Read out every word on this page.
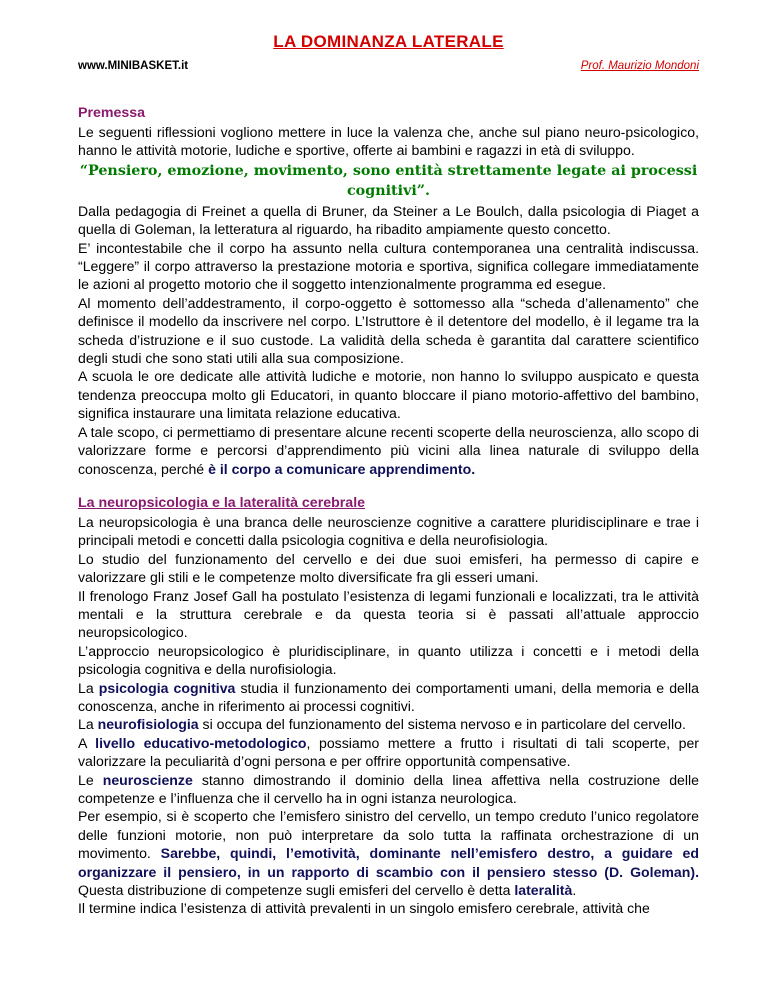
LA DOMINANZA LATERALE
www.MINIBASKET.it	Prof. Maurizio Mondoni
Premessa

Le seguenti riflessioni vogliono mettere in luce la valenza che, anche sul piano neuro-psicologico, hanno le attività motorie, ludiche e sportive, offerte ai bambini e ragazzi in età di sviluppo.

“Pensiero, emozione, movimento, sono entità strettamente legate ai processi cognitivi”.

Dalla pedagogia di Freinet a quella di Bruner, da Steiner a Le Boulch, dalla psicologia di Piaget a quella di Goleman, la letteratura al riguardo, ha ribadito ampiamente questo concetto.

E’ incontestabile che il corpo ha assunto nella cultura contemporanea una centralità indiscussa. “Leggere” il corpo attraverso la prestazione motoria e sportiva, significa collegare immediatamente le azioni al progetto motorio che il soggetto intenzionalmente programma ed esegue.

Al momento dell’addestramento, il corpo-oggetto è sottomesso alla “scheda d’allenamento” che definisce il modello da inscrivere nel corpo. L’Istruttore è il detentore del modello, è il legame tra la scheda d’istruzione e il suo custode. La validità della scheda è garantita dal carattere scientifico degli studi che sono stati utili alla sua composizione.

A scuola le ore dedicate alle attività ludiche e motorie, non hanno lo sviluppo auspicato e questa tendenza preoccupa molto gli Educatori, in quanto bloccare il piano motorio-affettivo del bambino, significa instaurare una limitata relazione educativa.

A tale scopo, ci permettiamo di presentare alcune recenti scoperte della neuroscienza, allo scopo di valorizzare forme e percorsi d’apprendimento più vicini alla linea naturale di sviluppo della conoscenza, perché è il corpo a comunicare apprendimento.

La neuropsicologia e la lateralità cerebrale

La neuropsicologia è una branca delle neuroscienze cognitive a carattere pluridisciplinare e trae i principali metodi e concetti dalla psicologia cognitiva e della neurofisiologia.

Lo studio del funzionamento del cervello e dei due suoi emisferi, ha permesso di capire e valorizzare gli stili e le competenze molto diversificate fra gli esseri umani.

Il frenologo Franz Josef Gall ha postulato l’esistenza di legami funzionali e localizzati, tra le attività mentali e la struttura cerebrale e da questa teoria si è passati all’attuale approccio neuropsicologico.

L’approccio neuropsicologico è pluridisciplinare, in quanto utilizza i concetti e i metodi della psicologia cognitiva e della nurofisiologia.

La psicologia cognitiva studia il funzionamento dei comportamenti umani, della memoria e della conoscenza, anche in riferimento ai processi cognitivi.

La neurofisiologia si occupa del funzionamento del sistema nervoso e in particolare del cervello.

A livello educativo-metodologico, possiamo mettere a frutto i risultati di tali scoperte, per valorizzare la peculiarità d’ogni persona e per offrire opportunità compensative.

Le neuroscienze stanno dimostrando il dominio della linea affettiva nella costruzione delle competenze e l’influenza che il cervello ha in ogni istanza neurologica.

Per esempio, si è scoperto che l’emisfero sinistro del cervello, un tempo creduto l’unico regolatore delle funzioni motorie, non può interpretare da solo tutta la raffinata orchestrazione di un movimento. Sarebbe, quindi, l’emotività, dominante nell’emisfero destro, a guidare ed organizzare il pensiero, in un rapporto di scambio con il pensiero stesso (D. Goleman). Questa distribuzione di competenze sugli emisferi del cervello è detta lateralità.

Il termine indica l’esistenza di attività prevalenti in un singolo emisfero cerebrale, attività che
